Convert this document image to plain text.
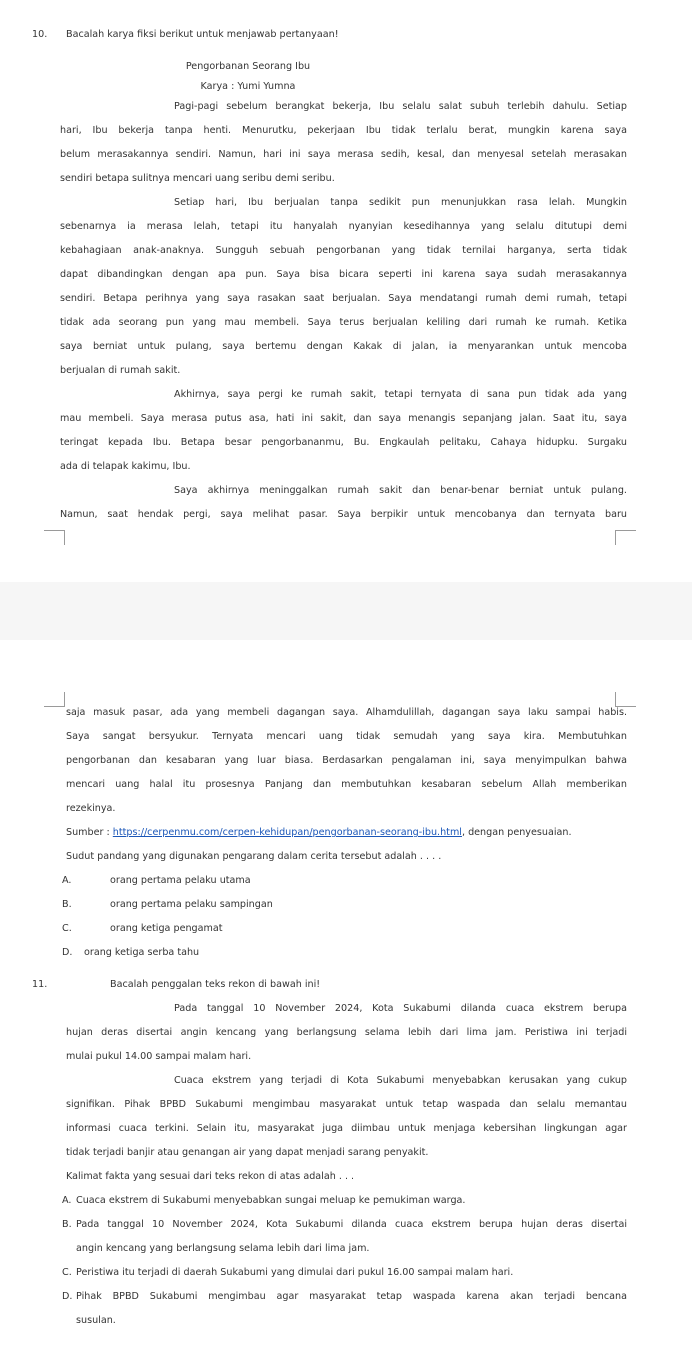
10. Bacalah karya fiksi berikut untuk menjawab pertanyaan!
Pengorbanan Seorang Ibu
Karya : Yumi Yumna
Pagi-pagi sebelum berangkat bekerja, Ibu selalu salat subuh terlebih dahulu. Setiap
hari, Ibu bekerja tanpa henti. Menurutku, pekerjaan Ibu tidak terlalu berat, mungkin karena saya
belum merasakannya sendiri. Namun, hari ini saya merasa sedih, kesal, dan menyesal setelah merasakan
sendiri betapa sulitnya mencari uang seribu demi seribu.
Setiap hari, Ibu berjualan tanpa sedikit pun menunjukkan rasa lelah. Mungkin
sebenarnya ia merasa lelah, tetapi itu hanyalah nyanyian kesedihannya yang selalu ditutupi demi
kebahagiaan anak-anaknya. Sungguh sebuah pengorbanan yang tidak ternilai harganya, serta tidak
dapat dibandingkan dengan apa pun. Saya bisa bicara seperti ini karena saya sudah merasakannya
sendiri. Betapa perihnya yang saya rasakan saat berjualan. Saya mendatangi rumah demi rumah, tetapi
tidak ada seorang pun yang mau membeli. Saya terus berjualan keliling dari rumah ke rumah. Ketika
saya berniat untuk pulang, saya bertemu dengan Kakak di jalan, ia menyarankan untuk mencoba
berjualan di rumah sakit.
Akhirnya, saya pergi ke rumah sakit, tetapi ternyata di sana pun tidak ada yang
mau membeli. Saya merasa putus asa, hati ini sakit, dan saya menangis sepanjang jalan. Saat itu, saya
teringat kepada Ibu. Betapa besar pengorbananmu, Bu. Engkaulah pelitaku, Cahaya hidupku. Surgaku
ada di telapak kakimu, Ibu.
Saya akhirnya meninggalkan rumah sakit dan benar-benar berniat untuk pulang.
Namun, saat hendak pergi, saya melihat pasar. Saya berpikir untuk mencobanya dan ternyata baru
saja masuk pasar, ada yang membeli dagangan saya. Alhamdulillah, dagangan saya laku sampai habis.
Saya sangat bersyukur. Ternyata mencari uang tidak semudah yang saya kira. Membutuhkan
pengorbanan dan kesabaran yang luar biasa. Berdasarkan pengalaman ini, saya menyimpulkan bahwa
mencari uang halal itu prosesnya Panjang dan membutuhkan kesabaran sebelum Allah memberikan
rezekinya.
Sumber : https://cerpenmu.com/cerpen-kehidupan/pengorbanan-seorang-ibu.html, dengan penyesuaian.
Sudut pandang yang digunakan pengarang dalam cerita tersebut adalah . . . .
A.	orang pertama pelaku utama
B.	orang pertama pelaku sampingan
C.	orang ketiga pengamat
D. orang ketiga serba tahu
11.	Bacalah penggalan teks rekon di bawah ini!
Pada tanggal 10 November 2024, Kota Sukabumi dilanda cuaca ekstrem berupa
hujan deras disertai angin kencang yang berlangsung selama lebih dari lima jam. Peristiwa ini terjadi
mulai pukul 14.00 sampai malam hari.
Cuaca ekstrem yang terjadi di Kota Sukabumi menyebabkan kerusakan yang cukup
signifikan. Pihak BPBD Sukabumi mengimbau masyarakat untuk tetap waspada dan selalu memantau
informasi cuaca terkini. Selain itu, masyarakat juga diimbau untuk menjaga kebersihan lingkungan agar
tidak terjadi banjir atau genangan air yang dapat menjadi sarang penyakit.
Kalimat fakta yang sesuai dari teks rekon di atas adalah . . .
A. Cuaca ekstrem di Sukabumi menyebabkan sungai meluap ke pemukiman warga.
B. Pada tanggal 10 November 2024, Kota Sukabumi dilanda cuaca ekstrem berupa hujan deras disertai
angin kencang yang berlangsung selama lebih dari lima jam.
C. Peristiwa itu terjadi di daerah Sukabumi yang dimulai dari pukul 16.00 sampai malam hari.
D. Pihak BPBD Sukabumi mengimbau agar masyarakat tetap waspada karena akan terjadi bencana
susulan.
